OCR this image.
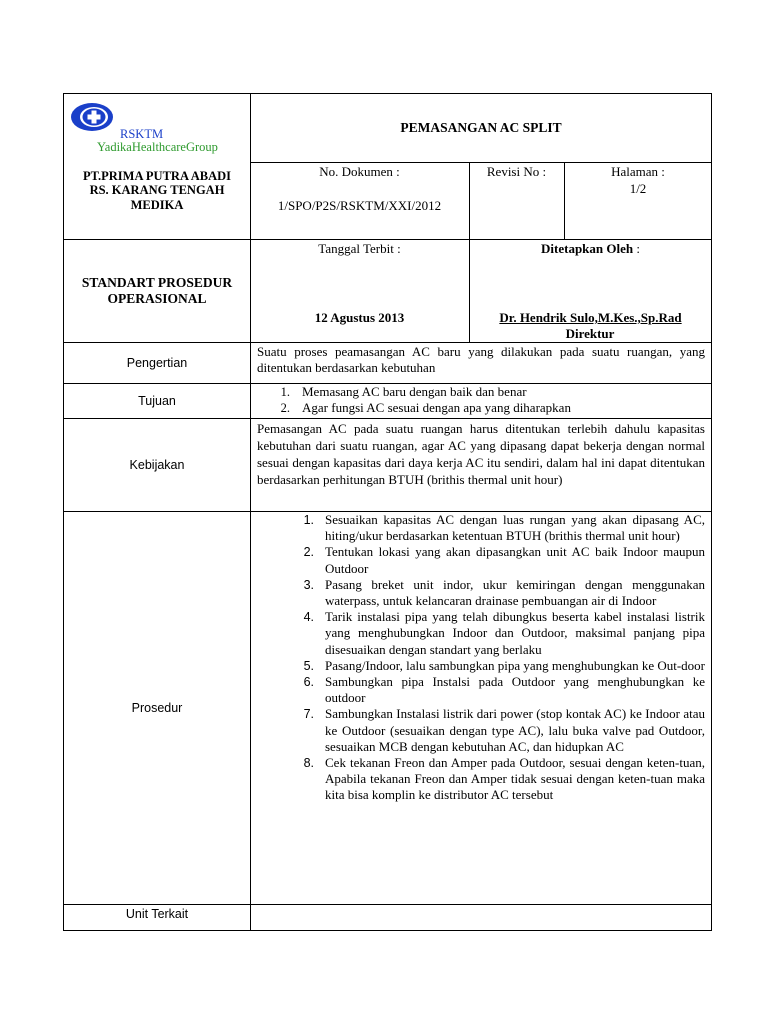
RSKTM
YadikaHealthcareGroup
PT.PRIMA PUTRA ABADI
RS. KARANG TENGAH MEDIKA
PEMASANGAN AC SPLIT
No. Dokumen :
1/SPO/P2S/RSKTM/XXI/2012
Revisi No :	Halaman :
1/2
STANDART PROSEDUR OPERASIONAL
Tanggal Terbit :
12 Agustus 2013
Ditetapkan Oleh :
Dr. Hendrik Sulo,M.Kes.,Sp.Rad
Direktur
Pengertian
Suatu proses peamasangan AC baru yang dilakukan pada suatu ruangan, yang ditentukan berdasarkan kebutuhan
Tujuan
1. Memasang AC baru dengan baik dan benar
2. Agar fungsi AC sesuai dengan apa yang diharapkan
Kebijakan
Pemasangan AC pada suatu ruangan harus ditentukan terlebih dahulu kapasitas kebutuhan dari suatu ruangan, agar AC yang dipasang dapat bekerja dengan normal sesuai dengan kapasitas dari daya kerja AC itu sendiri, dalam hal ini dapat ditentukan berdasarkan perhitungan BTUH (brithis thermal unit hour)
Prosedur
1. Sesuaikan kapasitas AC dengan luas rungan yang akan dipasang AC, hiting/ukur berdasarkan ketentuan BTUH (brithis thermal unit hour)
2. Tentukan lokasi yang akan dipasangkan unit AC baik Indoor maupun Outdoor
3. Pasang breket unit indor, ukur kemiringan dengan menggunakan waterpass, untuk kelancaran drainase pembuangan air di Indoor
4. Tarik instalasi pipa yang telah dibungkus beserta kabel instalasi listrik yang menghubungkan Indoor dan Outdoor, maksimal panjang pipa disesuaikan dengan standart yang berlaku
5. Pasang/Indoor, lalu sambungkan pipa yang menghubungkan ke Out-door
6. Sambungkan pipa Instalsi pada Outdoor yang menghubungkan ke outdoor
7. Sambungkan Instalasi listrik dari power (stop kontak AC) ke Indoor atau ke Outdoor (sesuaikan dengan type AC), lalu buka valve pad Outdoor, sesuaikan MCB dengan kebutuhan AC, dan hidupkan AC
8. Cek tekanan Freon dan Amper pada Outdoor, sesuai dengan keten-tuan, Apabila tekanan Freon dan Amper tidak sesuai dengan keten-tuan maka kita bisa komplin ke distributor AC tersebut
Unit Terkait
